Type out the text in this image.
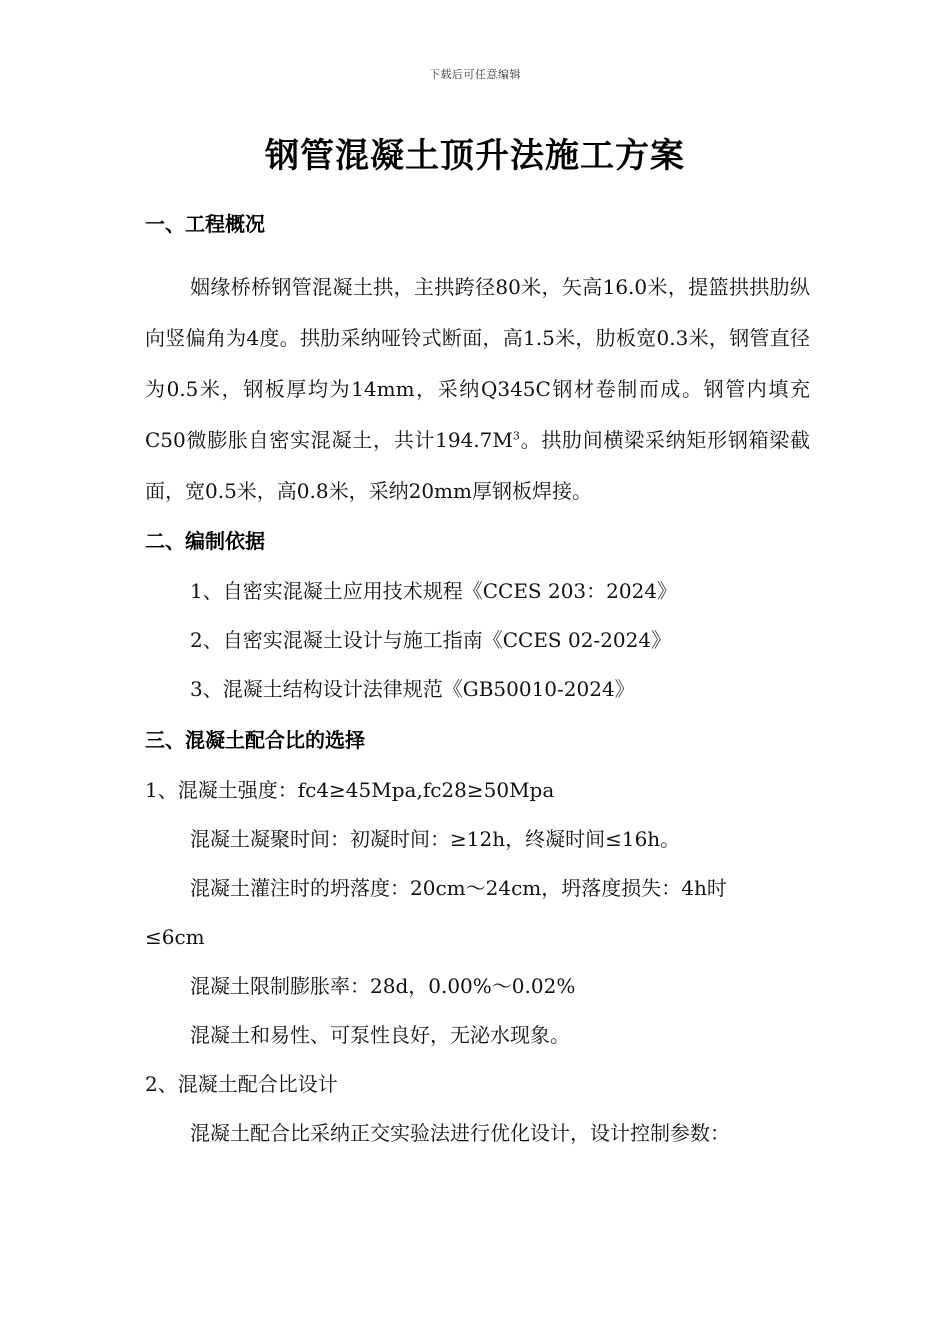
下载后可任意编辑
钢管混凝土顶升法施工方案

一、工程概况

姻缘桥桥钢管混凝土拱，主拱跨径80米，矢高16.0米，提篮拱拱肋纵向竖偏角为4度。拱肋采纳哑铃式断面，高1.5米，肋板宽0.3米，钢管直径为0.5米，钢板厚均为14mm，采纳Q345C钢材卷制而成。钢管内填充C50微膨胀自密实混凝土，共计$194.7M^3$。拱肋间横梁采纳矩形钢箱梁截面，宽0.5米，高0.8米，采纳20mm厚钢板焊接。

二、编制依据

1、自密实混凝土应用技术规程《CCES 203：2024》

2、自密实混凝土设计与施工指南《CCES 02-2024》

3、混凝土结构设计法律规范《GB50010-2024》

三、混凝土配合比的选择

1、混凝土强度：fc4≥45Mpa,fc28≥50Mpa

混凝土凝聚时间：初凝时间：≥12h，终凝时间≤16h。

混凝土灌注时的坍落度：20cm～24cm，坍落度损失：4h时

≤6cm

混凝土限制膨胀率：28d，0.00%～0.02%

混凝土和易性、可泵性良好，无泌水现象。

2、混凝土配合比设计

混凝土配合比采纳正交实验法进行优化设计，设计控制参数：
